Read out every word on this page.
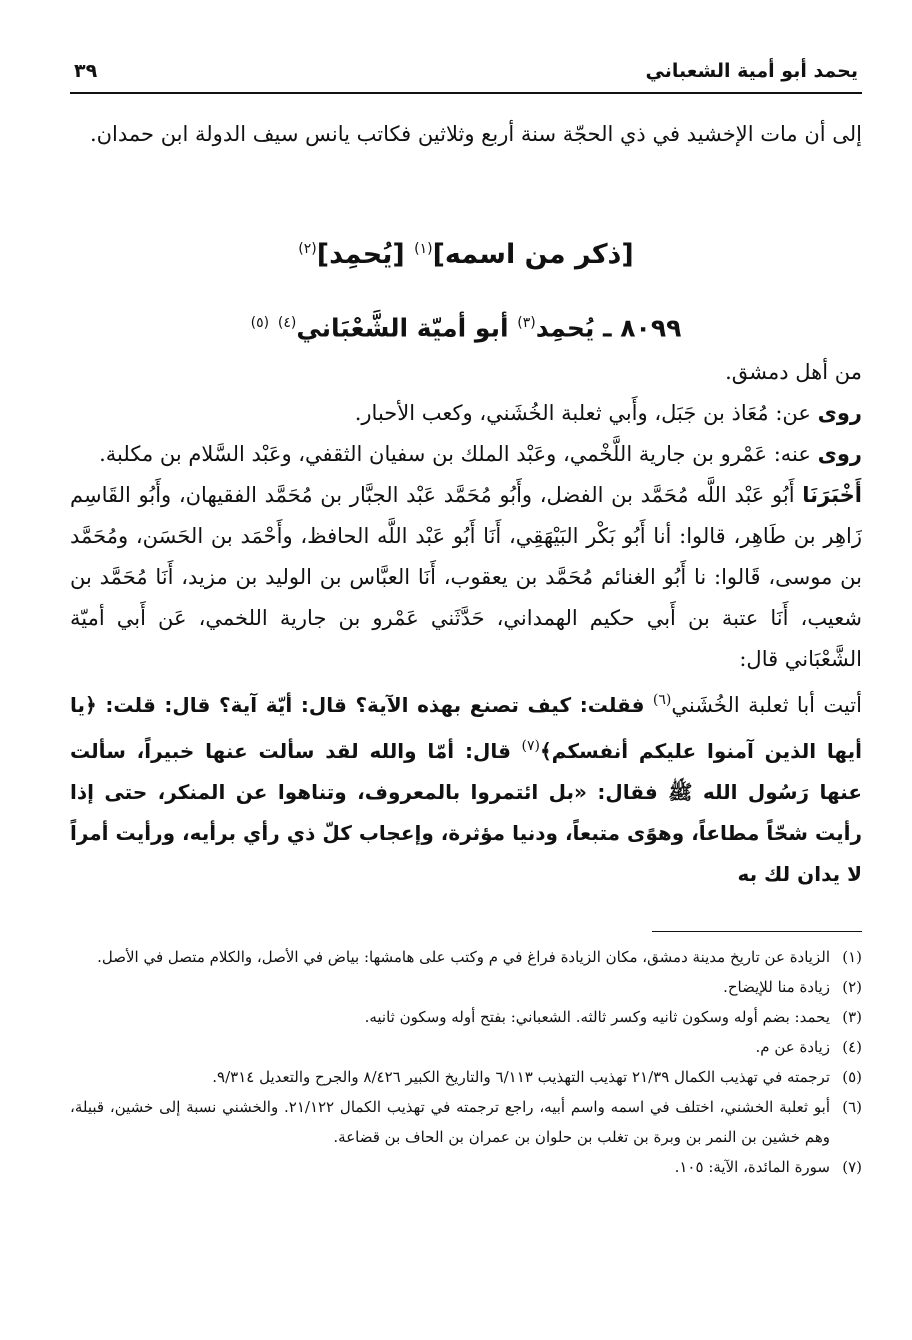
يحمد أبو أمية الشعباني
٣٩

إلى أن مات الإخشيد في ذي الحجّة سنة أربع وثلاثين فكاتب يانس سيف الدولة ابن حمدان.

[ذكر من اسمه]$^{(١)}$ [يُحمِد]$^{(٢)}$
٨٠٩٩ ـ يُحمِد$^{(٣)}$ أبو أميّة الشَّعْبَاني$^{(٤)}$ $^{(٥)}$

من أهل دمشق.

روى عن: مُعَاذ بن جَبَل، وأَبي ثعلبة الخُشَني، وكعب الأحبار.

روى عنه: عَمْرو بن جارية اللَّخْمي، وعَبْد الملك بن سفيان الثقفي، وعَبْد السَّلام بن مكلبة.

أَخْبَرَنَا أَبُو عَبْد اللَّه مُحَمَّد بن الفضل، وأَبُو مُحَمَّد عَبْد الجبَّار بن مُحَمَّد الفقيهان، وأَبُو القَاسِم زَاهِر بن طَاهِر، قالوا: أنا أَبُو بَكْر البَيْهَقِي، أَنَا أَبُو عَبْد اللَّه الحافظ، وأَحْمَد بن الحَسَن، ومُحَمَّد بن موسى، قَالوا: نا أَبُو الغنائم مُحَمَّد بن يعقوب، أَنَا العبَّاس بن الوليد بن مزيد، أَنَا مُحَمَّد بن شعيب، أَنَا عتبة بن أَبي حكيم الهمداني، حَدَّثَني عَمْرو بن جارية اللخمي، عَن أَبي أميّة الشَّعْبَاني قال:

أتيت أبا ثعلبة الخُشَني$^{(٦)}$ فقلت: كيف تصنع بهذه الآية؟ قال: أيّة آية؟ قال: قلت: ﴿يا أيها الذين آمنوا عليكم أنفسكم﴾$^{(٧)}$ قال: أمّا والله لقد سألت عنها خبيراً، سألت عنها رَسُول الله ﷺ فقال: «بل ائتمروا بالمعروف، وتناهوا عن المنكر، حتى إذا رأيت شحّاً مطاعاً، وهوًى متبعاً، ودنيا مؤثرة، وإعجاب كلّ ذي رأي برأيه، ورأيت أمراً لا يدان لك به

(١)
الزيادة عن تاريخ مدينة دمشق، مكان الزيادة فراغ في م وكتب على هامشها: بياض في الأصل، والكلام متصل في الأصل.
(٢)
زيادة منا للإيضاح.
(٣)
يحمد: بضم أوله وسكون ثانيه وكسر ثالثه. الشعباني: بفتح أوله وسكون ثانيه.
(٤)
زيادة عن م.
(٥)
ترجمته في تهذيب الكمال ٢١/٣٩ تهذيب التهذيب ٦/١١٣ والتاريخ الكبير ٨/٤٢٦ والجرح والتعديل ٩/٣١٤.
(٦)
أبو ثعلبة الخشني، اختلف في اسمه واسم أبيه، راجع ترجمته في تهذيب الكمال ٢١/١٢٢. والخشني نسبة إلى خشين، قبيلة، وهم خشين بن النمر بن وبرة بن تغلب بن حلوان بن عمران بن الحاف بن قضاعة.
(٧)
سورة المائدة، الآية: ١٠٥.
